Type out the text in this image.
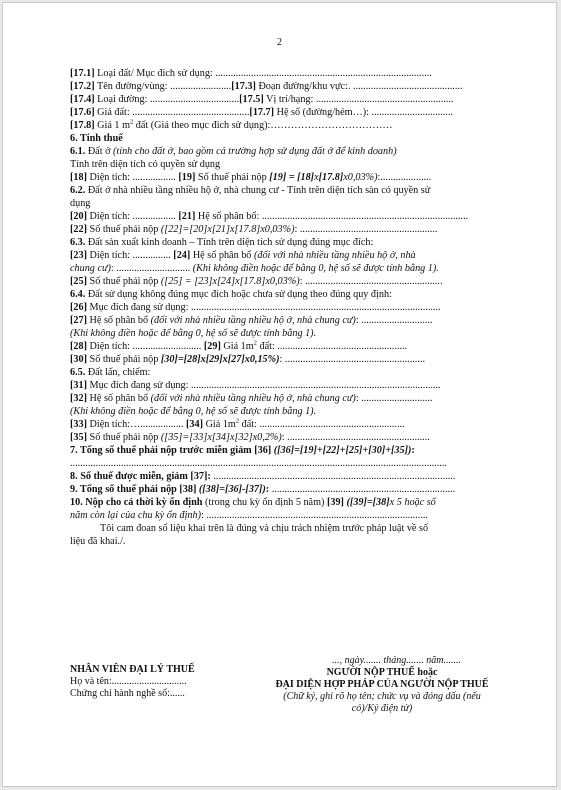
2
[17.1] Loại đất/ Mục đích sử dụng: .....................................................................................
[17.2] Tên đường/vùng: ........................[17.3] Đoạn đường/khu vực:. ...........................................
[17.4] Loại đường: ...................................[17.5] Vị trí/hạng: ......................................................
[17.6] Giá đất: ..............................................[17.7] Hệ số (đường/hẻm…): ................................
[17.8] Giá 1 $m^2$ đất (Giá theo mục đích sử dụng):………………………………
6. Tính thuế
6.1. Đất ở (tính cho đất ở, bao gồm cả trường hợp sử dụng đất ở để kinh doanh)
Tính trên diện tích có quyền sử dụng
[18] Diện tích: ................. [19] Số thuế phải nộp [19] = [18]x[17.8]x0,03%):....................
6.2. Đất ở nhà nhiều tầng nhiều hộ ở, nhà chung cư - Tính trên diện tích sàn có quyền sử
dụng
[20] Diện tích: ................. [21] Hệ số phân bổ: .................................................................................
[22] Số thuế phải nộp ([22]=[20]x[21]x[17.8]x0,03%): ......................................................
6.3. Đất sản xuất kinh doanh – Tính trên diện tích sử dụng đúng mục đích:
[23] Diện tích: ............... [24] Hệ số phân bổ (đối với nhà nhiều tầng nhiều hộ ở, nhà
chung cư): ............................. (Khi không điền hoặc để bằng 0, hệ số sẽ được tính bằng 1).
[25] Số thuế phải nộp ([25] = [23]x[24]x[17.8]x0,03%): ......................................................
6.4. Đất sử dụng không đúng mục đích hoặc chưa sử dụng theo đúng quy định:
[26] Mục đích đang sử dụng: ..................................................................................................
[27] Hệ số phân bổ (đối với nhà nhiều tầng nhiều hộ ở, nhà chung cư): ............................
(Khi không điền hoặc để bằng 0, hệ số sẽ được tính bằng 1).
[28] Diện tích: ........................... [29] Giá $1m^2$ đất: ...................................................
[30] Số thuế phải nộp [30]=[28]x[29]x[27]x0,15%): .......................................................
6.5. Đất lấn, chiếm:
[31] Mục đích đang sử dụng: ..................................................................................................
[32] Hệ số phân bổ (đối với nhà nhiều tầng nhiều hộ ở, nhà chung cư): ............................
(Khi không điền hoặc để bằng 0, hệ số sẽ được tính bằng 1).
[33] Diện tích:…................. [34] Giá $1m^2$ đất: .........................................................
[35] Số thuế phải nộp ([35]=[33]x[34]x[32]x0,2%): ........................................................
7. Tổng số thuế phải nộp trước miễn giảm [36] ([36]=[19]+[22]+[25]+[30]+[35]):
....................................................................................................................................................
8. Số thuế được miễn, giảm [37]: ...............................................................................................
9. Tổng số thuế phải nộp [38] ([38]=[36]-[37]): ........................................................................
10. Nộp cho cả thời kỳ ổn định (trong chu kỳ ổn định 5 năm) [39] ([39]=[38]x 5 hoặc số
năm còn lại của chu kỳ ổn định): .......................................................................................
Tôi cam đoan số liệu khai trên là đúng và chịu trách nhiệm trước pháp luật về số
liệu đã khai./.
NHÂN VIÊN ĐẠI LÝ THUẾ
Họ và tên:..............................
Chứng chỉ hành nghề số:......
..., ngày....... tháng....... năm.......
NGƯỜI NỘP THUẾ hoặc
ĐẠI DIỆN HỢP PHÁP CỦA NGƯỜI NỘP THUẾ
(Chữ ký, ghi rõ họ tên; chức vụ và đóng dấu (nếu
có)/Ký điện tử)
